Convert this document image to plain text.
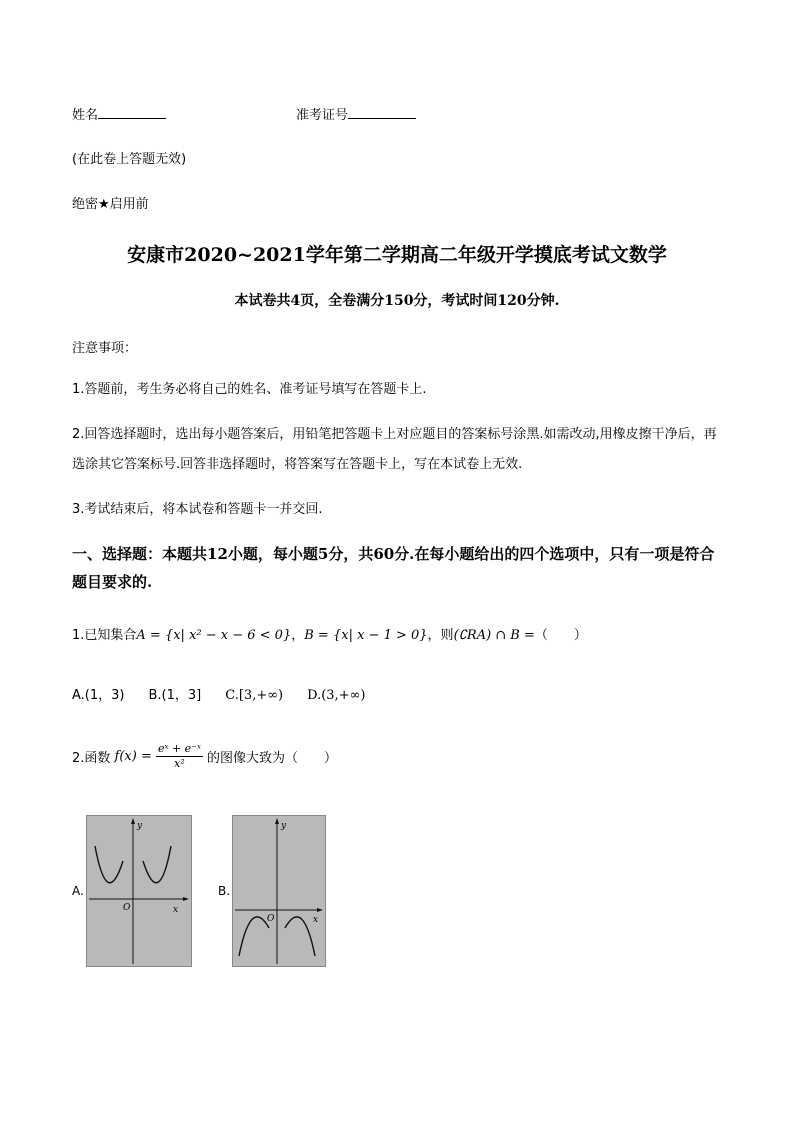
姓名	准考证号
(在此卷上答题无效)
绝密★启用前
安康市2020~2021学年第二学期高二年级开学摸底考试文数学
本试卷共4页，全卷满分150分，考试时间120分钟.
注意事项：
1.答题前，考生务必将自己的姓名、准考证号填写在答题卡上.
2.回答选择题时，选出每小题答案后，用铅笔把答题卡上对应题目的答案标号涂黑.如需改动,用橡皮擦干净后，再选涂其它答案标号.回答非选择题时，将答案写在答题卡上，写在本试卷上无效.
3.考试结束后，将本试卷和答题卡一并交回.
一、选择题：本题共12小题，每小题5分，共60分.在每小题给出的四个选项中，只有一项是符合题目要求的.
1.已知集合A = {x| x² − x − 6 < 0}，B = {x| x − 1 > 0}，则(∁RA) ∩ B =（　　）
A.(1，3) B.(1，3] C.[3,+∞) D.(3,+∞)
2.函数 $f(x) = \frac{\text{eˣ + e⁻ˣ}}{\text{x²}}$ 的图像大致为（　　）
A.
y
x
O
B.
y
x
O
